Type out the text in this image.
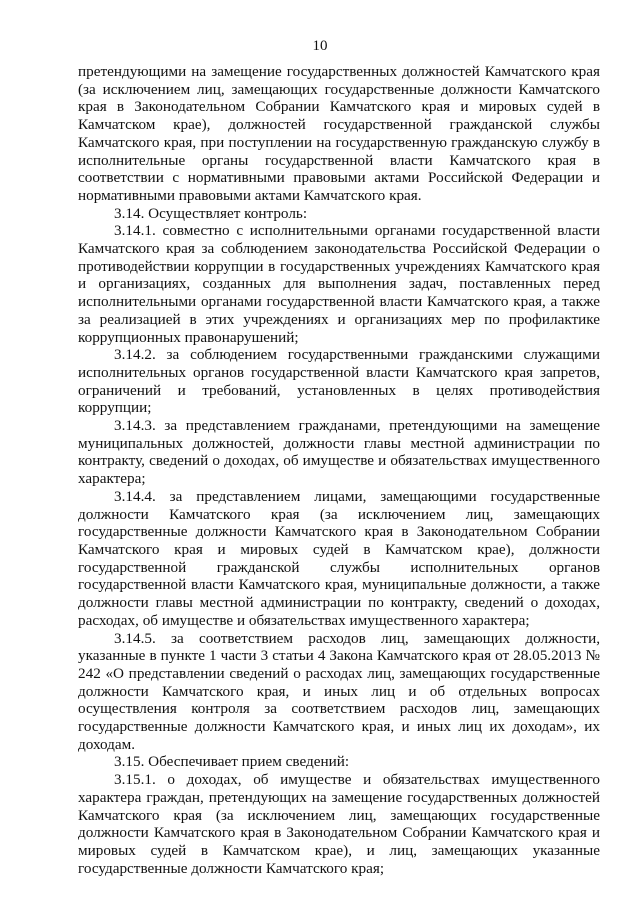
10

претендующими на замещение государственных должностей Камчатского края (за исключением лиц, замещающих государственные должности Камчатского края в Законодательном Собрании Камчатского края и мировых судей в Камчатском крае), должностей государственной гражданской службы Камчатского края, при поступлении на государственную гражданскую службу в исполнительные органы государственной власти Камчатского края в соответствии с нормативными правовыми актами Российской Федерации и нормативными правовыми актами Камчатского края.

3.14. Осуществляет контроль:

3.14.1. совместно с исполнительными органами государственной власти Камчатского края за соблюдением законодательства Российской Федерации о противодействии коррупции в государственных учреждениях Камчатского края и организациях, созданных для выполнения задач, поставленных перед исполнительными органами государственной власти Камчатского края, а также за реализацией в этих учреждениях и организациях мер по профилактике коррупционных правонарушений;

3.14.2. за соблюдением государственными гражданскими служащими исполнительных органов государственной власти Камчатского края запретов, ограничений и требований, установленных в целях противодействия коррупции;

3.14.3. за представлением гражданами, претендующими на замещение муниципальных должностей, должности главы местной администрации по контракту, сведений о доходах, об имуществе и обязательствах имущественного характера;

3.14.4. за представлением лицами, замещающими государственные должности Камчатского края (за исключением лиц, замещающих государственные должности Камчатского края в Законодательном Собрании Камчатского края и мировых судей в Камчатском крае), должности государственной гражданской службы исполнительных органов государственной власти Камчатского края, муниципальные должности, а также должности главы местной администрации по контракту, сведений о доходах, расходах, об имуществе и обязательствах имущественного характера;

3.14.5. за соответствием расходов лиц, замещающих должности, указанные в пункте 1 части 3 статьи 4 Закона Камчатского края от 28.05.2013 № 242 «О представлении сведений о расходах лиц, замещающих государственные должности Камчатского края, и иных лиц и об отдельных вопросах осуществления контроля за соответствием расходов лиц, замещающих государственные должности Камчатского края, и иных лиц их доходам», их доходам.

3.15. Обеспечивает прием сведений:

3.15.1. о доходах, об имуществе и обязательствах имущественного характера граждан, претендующих на замещение государственных должностей Камчатского края (за исключением лиц, замещающих государственные должности Камчатского края в Законодательном Собрании Камчатского края и мировых судей в Камчатском крае), и лиц, замещающих указанные государственные должности Камчатского края;
